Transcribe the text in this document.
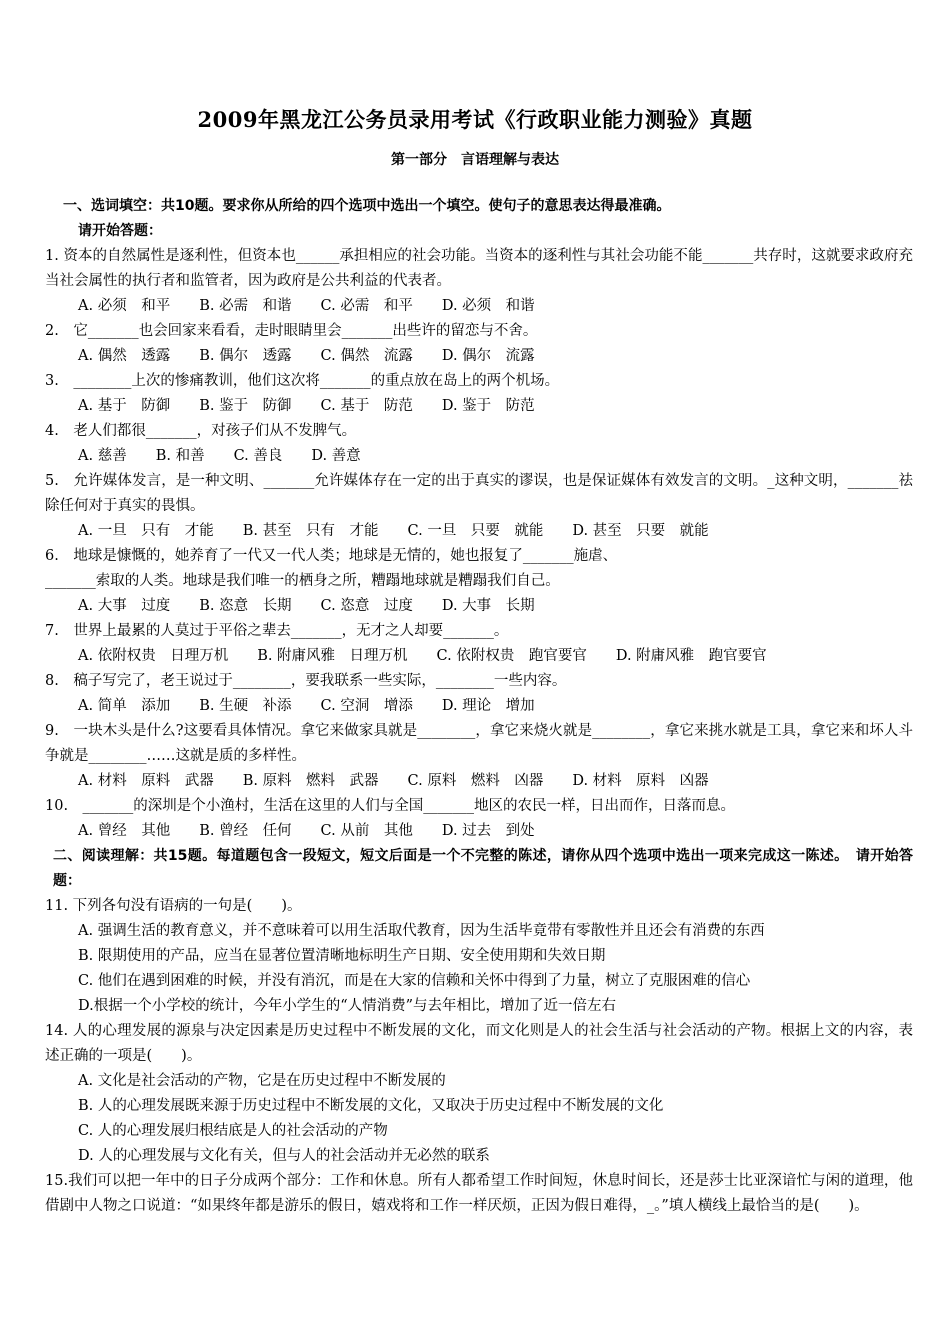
2009年黑龙江公务员录用考试《行政职业能力测验》真题
第一部分　言语理解与表达
一、选词填空：共10题。要求你从所给的四个选项中选出一个填空。使句子的意思表达得最准确。
请开始答题：
1. 资本的自然属性是逐利性，但资本也______承担相应的社会功能。当资本的逐利性与其社会功能不能_______共存时，这就要求政府充当社会属性的执行者和监管者，因为政府是公共利益的代表者。
A. 必须　和平　　B. 必需　和谐　　C. 必需　和平　　D. 必须　和谐
2.　它_______也会回家来看看，走时眼睛里会_______出些许的留恋与不舍。
A. 偶然　透露　　B. 偶尔　透露　　C. 偶然　流露　　D. 偶尔　流露
3.　________上次的惨痛教训，他们这次将_______的重点放在岛上的两个机场。
A. 基于　防御　　B. 鉴于　防御　　C. 基于　防范　　D. 鉴于　防范
4.　老人们都很_______，对孩子们从不发脾气。
A. 慈善　　B. 和善　　C. 善良　　D. 善意
5.　允许媒体发言，是一种文明、_______允许媒体存在一定的出于真实的谬误，也是保证媒体有效发言的文明。_这种文明，_______祛除任何对于真实的畏惧。
A. 一旦　只有　才能　　B. 甚至　只有　才能　　C. 一旦　只要　就能　　D. 甚至　只要　就能
6.　地球是慷慨的，她养育了一代又一代人类；地球是无情的，她也报复了_______施虐、
_______索取的人类。地球是我们唯一的栖身之所，糟蹋地球就是糟蹋我们自己。
A. 大事　过度　　B. 恣意　长期　　C. 恣意　过度　　D. 大事　长期
7.　世界上最累的人莫过于平俗之辈去_______，无才之人却要_______。
A. 依附权贵　日理万机　　B. 附庸风雅　日理万机　　C. 依附权贵　跑官要官　　D. 附庸风雅　跑官要官
8.　稿子写完了，老王说过于________，要我联系一些实际，________一些内容。
A. 简单　添加　　B. 生硬　补添　　C. 空洞　增添　　D. 理论　增加
9.　一块木头是什么?这要看具体情况。拿它来做家具就是________，拿它来烧火就是________，拿它来挑水就是工具，拿它来和坏人斗争就是________……这就是质的多样性。
A. 材料　原料　武器　　B. 原料　燃料　武器　　C. 原料　燃料　凶器　　D. 材料　原料　凶器
10.　_______的深圳是个小渔村，生活在这里的人们与全国_______地区的农民一样，日出而作，日落而息。
A. 曾经　其他　　B. 曾经　任何　　C. 从前　其他　　D. 过去　到处
二、阅读理解：共15题。每道题包含一段短文，短文后面是一个不完整的陈述，请你从四个选项中选出一项来完成这一陈述。　请开始答题：
11. 下列各句没有语病的一句是(　　)。
A. 强调生活的教育意义，并不意味着可以用生活取代教育，因为生活毕竟带有零散性并且还会有消费的东西
B. 限期使用的产品，应当在显著位置清晰地标明生产日期、安全使用期和失效日期
C. 他们在遇到困难的时候，并没有消沉，而是在大家的信赖和关怀中得到了力量，树立了克服困难的信心
D.根据一个小学校的统计，今年小学生的“人情消费”与去年相比，增加了近一倍左右
14. 人的心理发展的源泉与决定因素是历史过程中不断发展的文化，而文化则是人的社会生活与社会活动的产物。根据上文的内容，表述正确的一项是(　　)。
A. 文化是社会活动的产物，它是在历史过程中不断发展的
B. 人的心理发展既来源于历史过程中不断发展的文化，又取决于历史过程中不断发展的文化
C. 人的心理发展归根结底是人的社会活动的产物
D. 人的心理发展与文化有关，但与人的社会活动并无必然的联系
15.我们可以把一年中的日子分成两个部分：工作和休息。所有人都希望工作时间短，休息时间长，还是莎士比亚深谙忙与闲的道理，他借剧中人物之口说道：“如果终年都是游乐的假日，嬉戏将和工作一样厌烦，正因为假日难得，_。”填人横线上最恰当的是(　　)。
